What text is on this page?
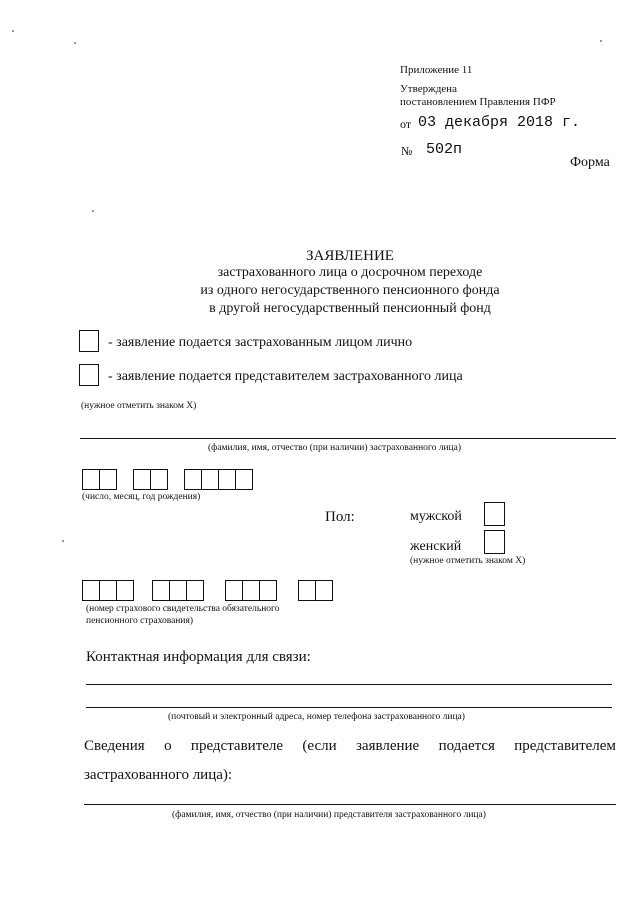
Приложение 11
Утверждена
постановлением Правления ПФР
от 03 декабря 2018 г.
№ 502п
Форма
ЗАЯВЛЕНИЕ
застрахованного лица о досрочном переходе
из одного негосударственного пенсионного фонда
в другой негосударственный пенсионный фонд
- заявление подается застрахованным лицом лично
- заявление подается представителем застрахованного лица
(нужное отметить знаком Х)
(фамилия, имя, отчество (при наличии) застрахованного лица)
(число, месяц, год рождения)
Пол:	мужской
женский
(нужное отметить знаком Х)
(номер страхового свидетельства обязательного
пенсионного страхования)
Контактная информация для связи:
(почтовый и электронный адреса, номер телефона застрахованного лица)
Сведения о представителе (если заявление подается представителем
застрахованного лица):
(фамилия, имя, отчество (при наличии) представителя застрахованного лица)
